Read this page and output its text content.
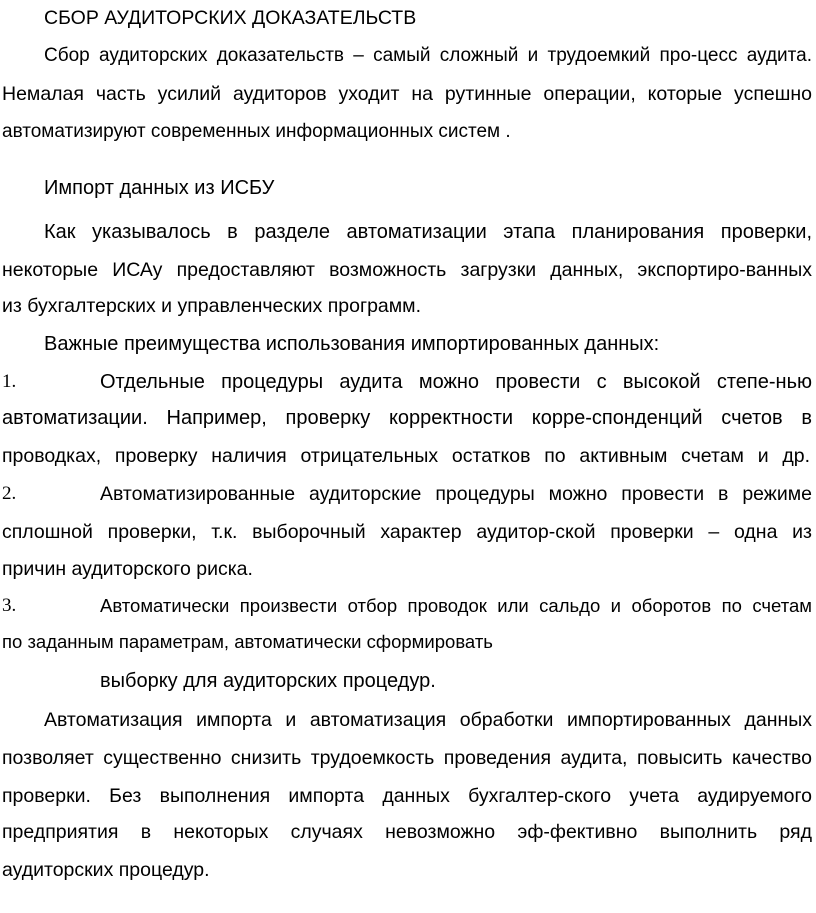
СБОР АУДИТОРСКИХ ДОКАЗАТЕЛЬСТВ
Сбор аудиторских доказательств – самый сложный и трудоемкий про-цесс аудита.
Немалая часть усилий аудиторов уходит на рутинные операции, которые успешно
автоматизируют современных информационных систем .
Импорт данных из ИСБУ
Как указывалось в разделе автоматизации этапа планирования проверки,
некоторые ИСАу предоставляют возможность загрузки данных, экспортиро-ванных
из бухгалтерских и управленческих программ.
Важные преимущества использования импортированных данных:
1.	Отдельные процедуры аудита можно провести с высокой степе-нью
автоматизации. Например, проверку корректности корре-спонденций счетов в
проводках, проверку наличия отрицательных остатков по активным счетам и др.
2.	Автоматизированные аудиторские процедуры можно провести в режиме
сплошной проверки, т.к. выборочный характер аудитор-ской проверки – одна из
причин аудиторского риска.
3.	Автоматически произвести отбор проводок или сальдо и оборотов по счетам
по заданным параметрам, автоматически сформировать
выборку для аудиторских процедур.
Автоматизация импорта и автоматизация обработки импортированных данных
позволяет существенно снизить трудоемкость проведения аудита, повысить качество
проверки. Без выполнения импорта данных бухгалтер-ского учета аудируемого
предприятия в некоторых случаях невозможно эф-фективно выполнить ряд
аудиторских процедур.
